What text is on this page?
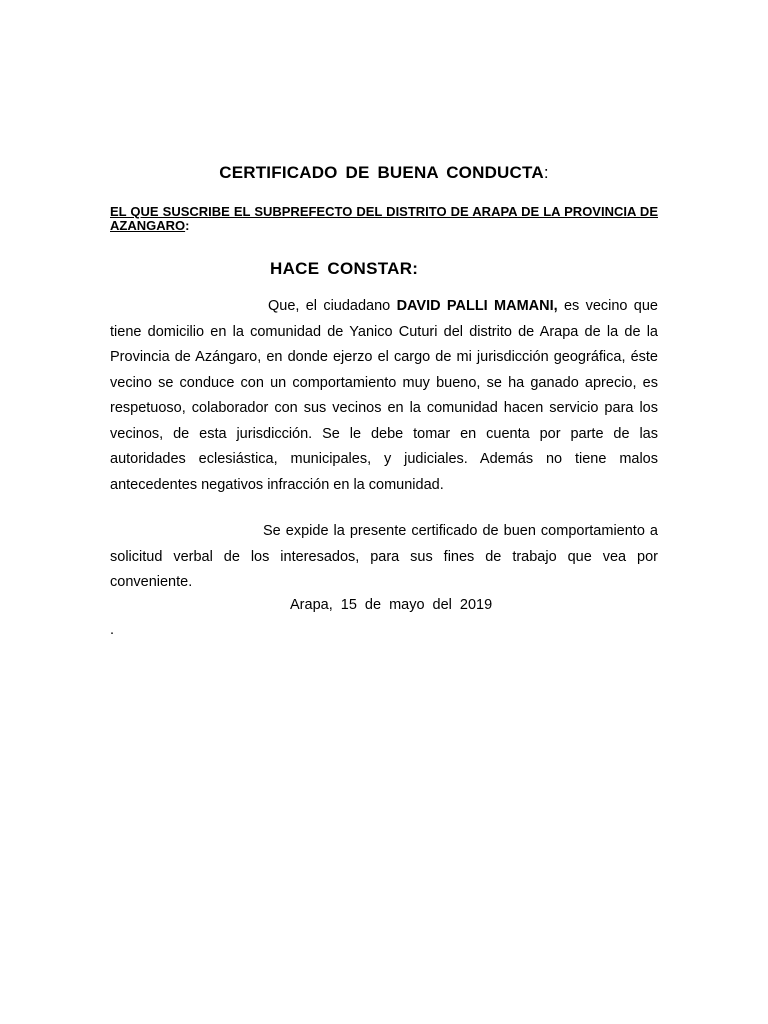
CERTIFICADO DE BUENA CONDUCTA:
EL QUE SUSCRIBE EL SUBPREFECTO DEL DISTRITO DE ARAPA DE LA PROVINCIA DE AZANGARO:
HACE CONSTAR:
Que, el ciudadano DAVID PALLI MAMANI, es vecino que tiene domicilio en la comunidad de Yanico Cuturi del distrito de Arapa de la de la Provincia de Azángaro, en donde ejerzo el cargo de mi jurisdicción geográfica, éste vecino se conduce con un comportamiento muy bueno, se ha ganado aprecio, es respetuoso, colaborador con sus vecinos en la comunidad hacen servicio para los vecinos, de esta jurisdicción. Se le debe tomar en cuenta por parte de las autoridades eclesiástica, municipales, y judiciales. Además no tiene malos antecedentes negativos infracción en la comunidad.
Se expide la presente certificado de buen comportamiento a solicitud verbal de los interesados, para sus fines de trabajo que vea por conveniente.
Arapa, 15 de mayo del 2019
.
